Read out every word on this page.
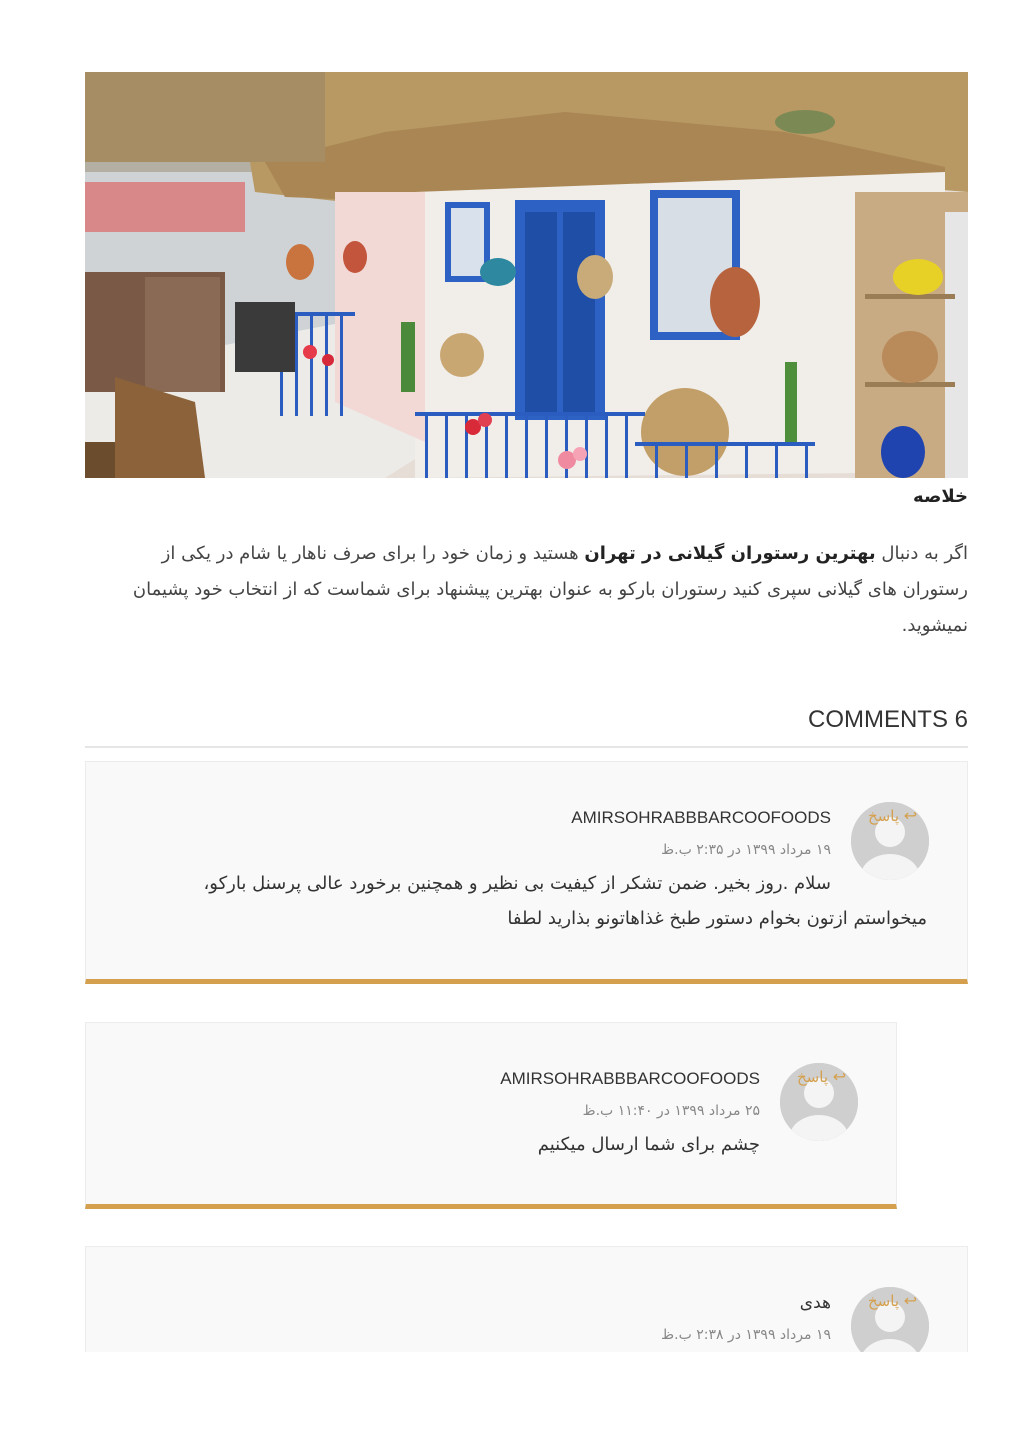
خلاصه
اگر به دنبال بهترین رستوران گیلانی در تهران هستید و زمان خود را برای صرف ناهار یا شام در یکی از رستوران های گیلانی سپری کنید رستوران بارکو به عنوان بهترین پیشنهاد برای شماست که از انتخاب خود پشیمان نمیشوید.
COMMENTS 6
↩ پاسخ
AMIRSOHRABBBARCOOFOODS
۱۹ مرداد ۱۳۹۹ در ۲:۳۵ ب.ظ
سلام .روز بخیر. ضمن تشکر از کیفیت بی نظیر و همچنین برخورد عالی پرسنل بارکو،
میخواستم ازتون بخوام دستور طبخ غذاهاتونو بذارید لطفا
↩ پاسخ
AMIRSOHRABBBARCOOFOODS
۲۵ مرداد ۱۳۹۹ در ۱۱:۴۰ ب.ظ
چشم برای شما ارسال میکنیم
↩ پاسخ
هدی
۱۹ مرداد ۱۳۹۹ در ۲:۳۸ ب.ظ
